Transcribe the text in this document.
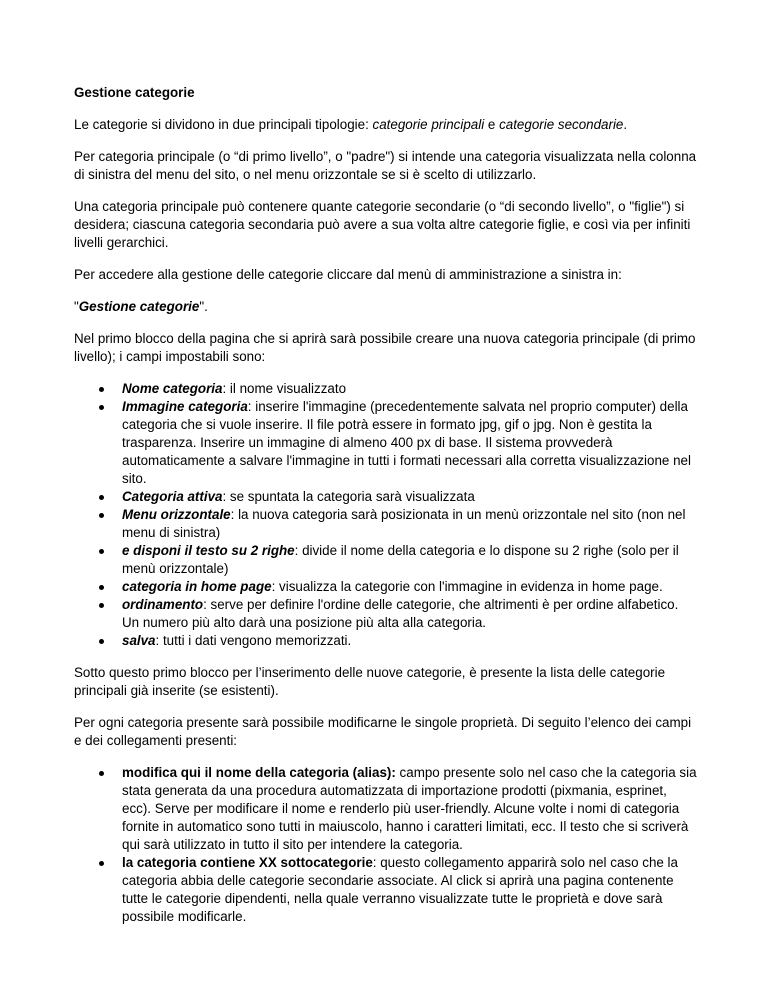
Gestione categorie

Le categorie si dividono in due principali tipologie: categorie principali e categorie secondarie.

Per categoria principale (o “di primo livello”, o "padre") si intende una categoria visualizzata nella colonna di sinistra del menu del sito, o nel menu orizzontale se si è scelto di utilizzarlo.

Una categoria principale può contenere quante categorie secondarie (o “di secondo livello”, o "figlie") si desidera; ciascuna categoria secondaria può avere a sua volta altre categorie figlie, e così via per infiniti livelli gerarchici.

Per accedere alla gestione delle categorie cliccare dal menù di amministrazione a sinistra in:

"Gestione categorie".

Nel primo blocco della pagina che si aprirà sarà possibile creare una nuova categoria principale (di primo livello); i campi impostabili sono:

Nome categoria: il nome visualizzato
Immagine categoria: inserire l'immagine (precedentemente salvata nel proprio computer) della categoria che si vuole inserire. Il file potrà essere in formato jpg, gif o jpg. Non è gestita la trasparenza. Inserire un immagine di almeno 400 px di base. Il sistema provvederà automaticamente a salvare l'immagine in tutti i formati necessari alla corretta visualizzazione nel sito.
Categoria attiva: se spuntata la categoria sarà visualizzata
Menu orizzontale: la nuova categoria sarà posizionata in un menù orizzontale nel sito (non nel menu di sinistra)
e disponi il testo su 2 righe: divide il nome della categoria e lo dispone su 2 righe (solo per il menù orizzontale)
categoria in home page: visualizza la categorie con l'immagine in evidenza in home page.
ordinamento: serve per definire l'ordine delle categorie, che altrimenti è per ordine alfabetico. Un numero più alto darà una posizione più alta alla categoria.
salva: tutti i dati vengono memorizzati.

Sotto questo primo blocco per l’inserimento delle nuove categorie, è presente la lista delle categorie principali già inserite (se esistenti).

Per ogni categoria presente sarà possibile modificarne le singole proprietà. Di seguito l’elenco dei campi e dei collegamenti presenti:

modifica qui il nome della categoria (alias): campo presente solo nel caso che la categoria sia stata generata da una procedura automatizzata di importazione prodotti (pixmania, esprinet, ecc). Serve per modificare il nome e renderlo più user-friendly. Alcune volte i nomi di categoria fornite in automatico sono tutti in maiuscolo, hanno i caratteri limitati, ecc. Il testo che si scriverà qui sarà utilizzato in tutto il sito per intendere la categoria.
la categoria contiene XX sottocategorie: questo collegamento apparirà solo nel caso che la categoria abbia delle categorie secondarie associate. Al click si aprirà una pagina contenente tutte le categorie dipendenti, nella quale verranno visualizzate tutte le proprietà e dove sarà possibile modificarle.
